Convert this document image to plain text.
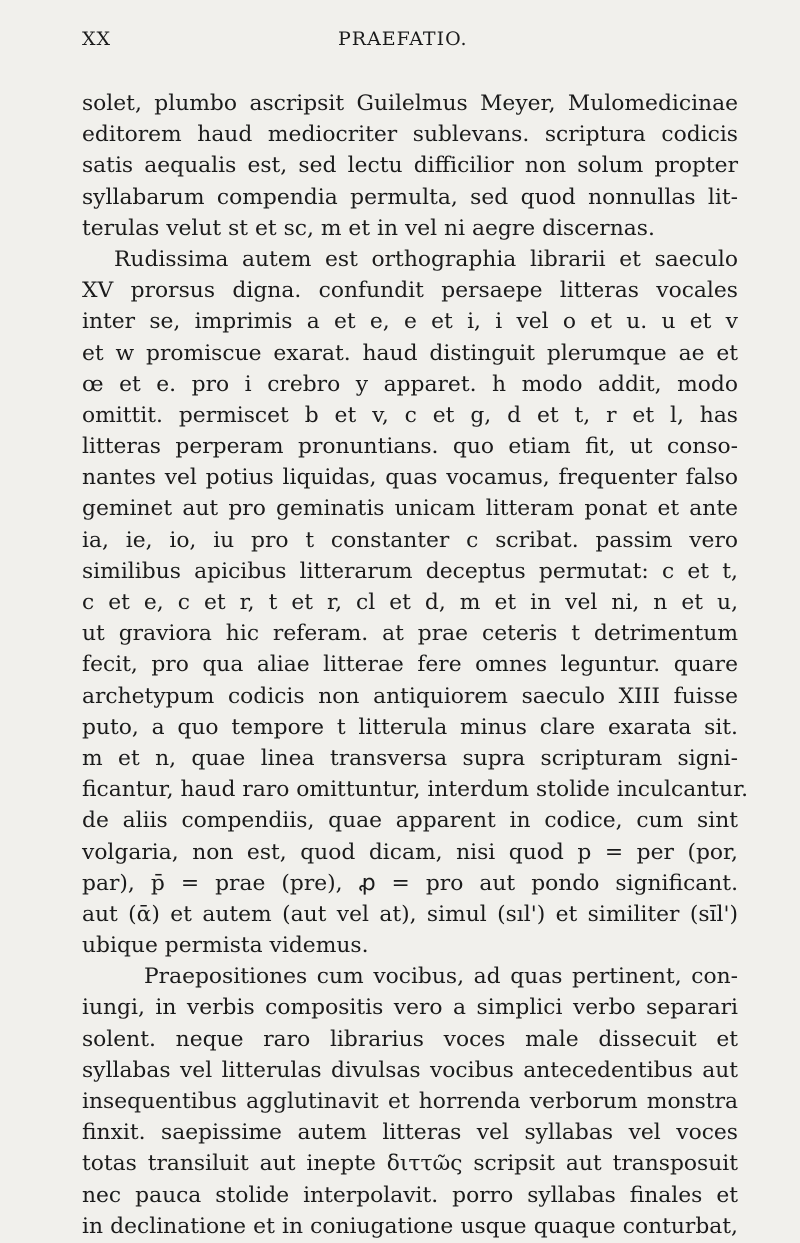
XX	PRAEFATIO.
solet, plumbo ascripsit Guilelmus Meyer, Mulomedicinae
editorem haud mediocriter sublevans. scriptura codicis
satis aequalis est, sed lectu difficilior non solum propter
syllabarum compendia permulta, sed quod nonnullas lit-
terulas velut st et sc, m et in vel ni aegre discernas.
Rudissima autem est orthographia librarii et saeculo
XV prorsus digna. confundit persaepe litteras vocales
inter se, imprimis a et e, e et i, i vel o et u. u et v
et w promiscue exarat. haud distinguit plerumque ae et
œ et e. pro i crebro y apparet. h modo addit, modo
omittit. permiscet b et v, c et g, d et t, r et l, has
litteras perperam pronuntians. quo etiam fit, ut conso-
nantes vel potius liquidas, quas vocamus, frequenter falso
geminet aut pro geminatis unicam litteram ponat et ante
ia, ie, io, iu pro t constanter c scribat. passim vero
similibus apicibus litterarum deceptus permutat: c et t,
c et e, c et r, t et r, cl et d, m et in vel ni, n et u,
ut graviora hic referam. at prae ceteris t detrimentum
fecit, pro qua aliae litterae fere omnes leguntur. quare
archetypum codicis non antiquiorem saeculo XIII fuisse
puto, a quo tempore t litterula minus clare exarata sit.
m et n, quae linea transversa supra scripturam signi-
ficantur, haud raro omittuntur, interdum stolide inculcantur.
de aliis compendiis, quae apparent in codice, cum sint
volgaria, non est, quod dicam, nisi quod p = per (por,
par), p̄ = prae (pre), ꝓ = pro aut pondo significant.
aut (ᾱ) et autem (aut vel at), simul (sıl') et similiter (sı̄l')
ubique permista videmus.
Praepositiones cum vocibus, ad quas pertinent, con-
iungi, in verbis compositis vero a simplici verbo separari
solent. neque raro librarius voces male dissecuit et
syllabas vel litterulas divulsas vocibus antecedentibus aut
insequentibus agglutinavit et horrenda verborum monstra
finxit. saepissime autem litteras vel syllabas vel voces
totas transiluit aut inepte διττῶς scripsit aut transposuit
nec pauca stolide interpolavit. porro syllabas finales et
in declinatione et in coniugatione usque quaque conturbat,
